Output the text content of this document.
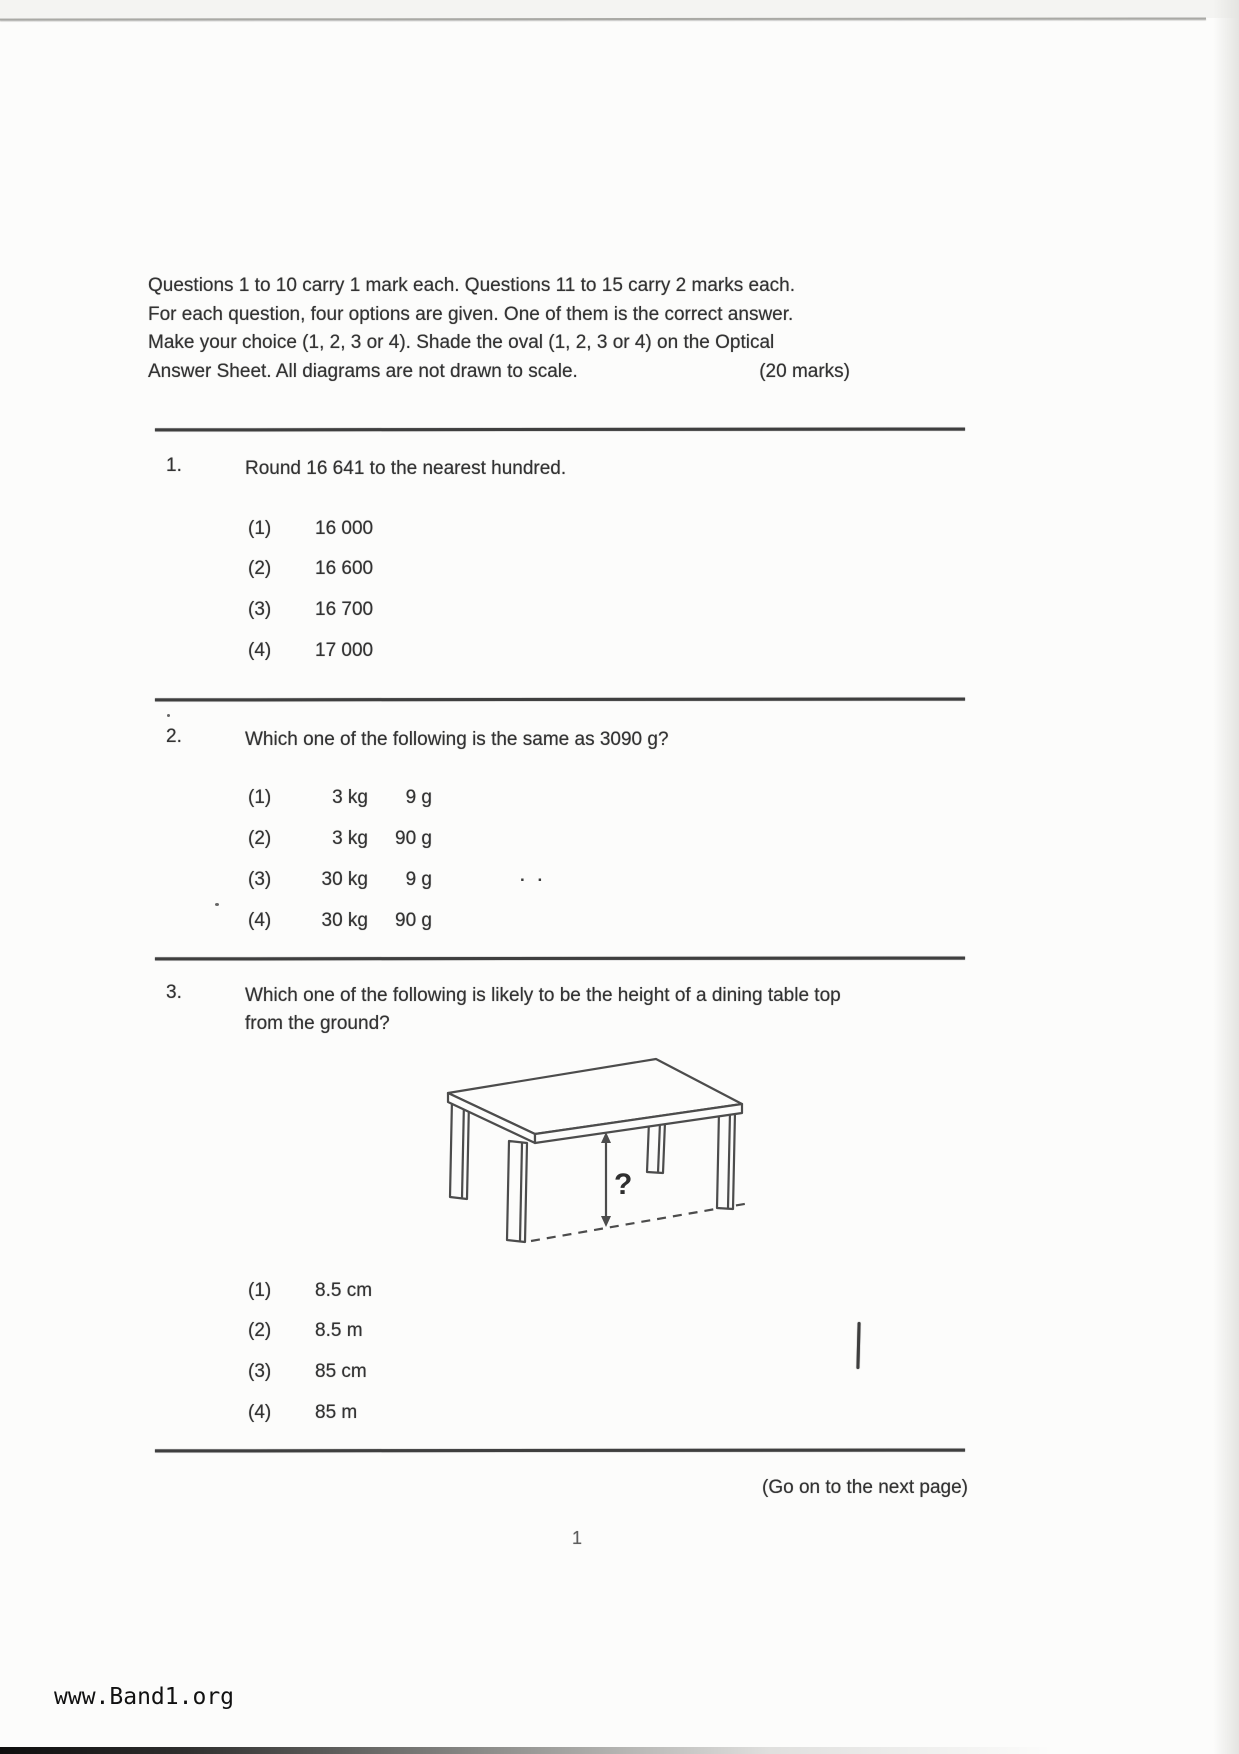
Questions 1 to 10 carry 1 mark each. Questions 11 to 15 carry 2 marks each.
For each question, four options are given. One of them is the correct answer.
Make your choice (1, 2, 3 or 4). Shade the oval (1, 2, 3 or 4) on the Optical
Answer Sheet. All diagrams are not drawn to scale.	(20 marks)
1.	Round 16 641 to the nearest hundred.
(1) 16 000
(2) 16 600
(3) 16 700
(4) 17 000
2.	Which one of the following is the same as 3090 g?
(1)	3 kg 9 g
(2)	3 kg 90 g
(3)	30 kg 9 g
(4)	30 kg 90 g
. .
3.	Which one of the following is likely to be the height of a dining table top
from the ground?
?
(1) 8.5 cm
(2) 8.5 m
(3) 85 cm
(4) 85 m
(Go on to the next page)
1
www.Band1.org
